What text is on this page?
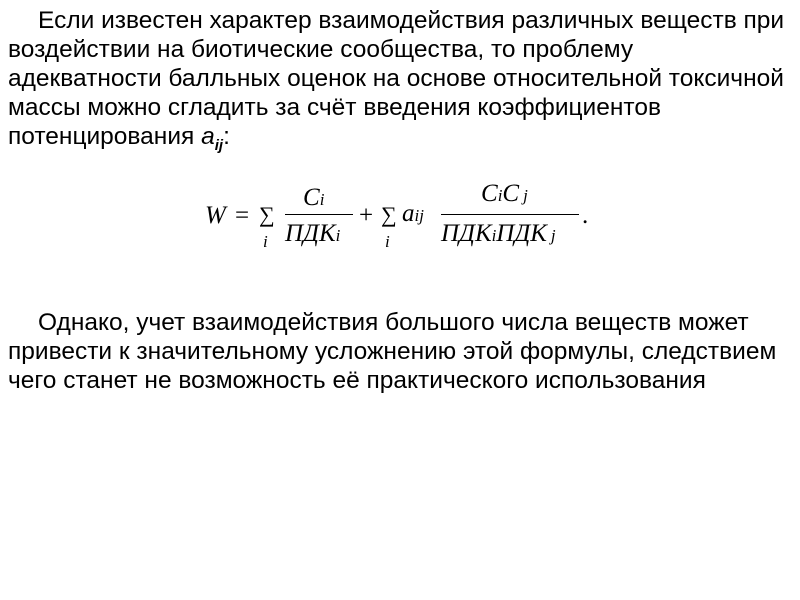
Если известен характер взаимодействия различных веществ при воздействии на биотические сообщества, то проблему адекватности балльных оценок на основе относительной токсичной массы можно сгладить за счёт введения коэффициентов потенцирования $a_{ij}$:

W = ∑
i
Ci
ПДКi
+ ∑
i
aij
CiC j
ПДКiПДК j
.

Однако, учет взаимодействия большого числа веществ может привести к значительному усложнению этой формулы, следствием чего станет не возможность её практического использования
